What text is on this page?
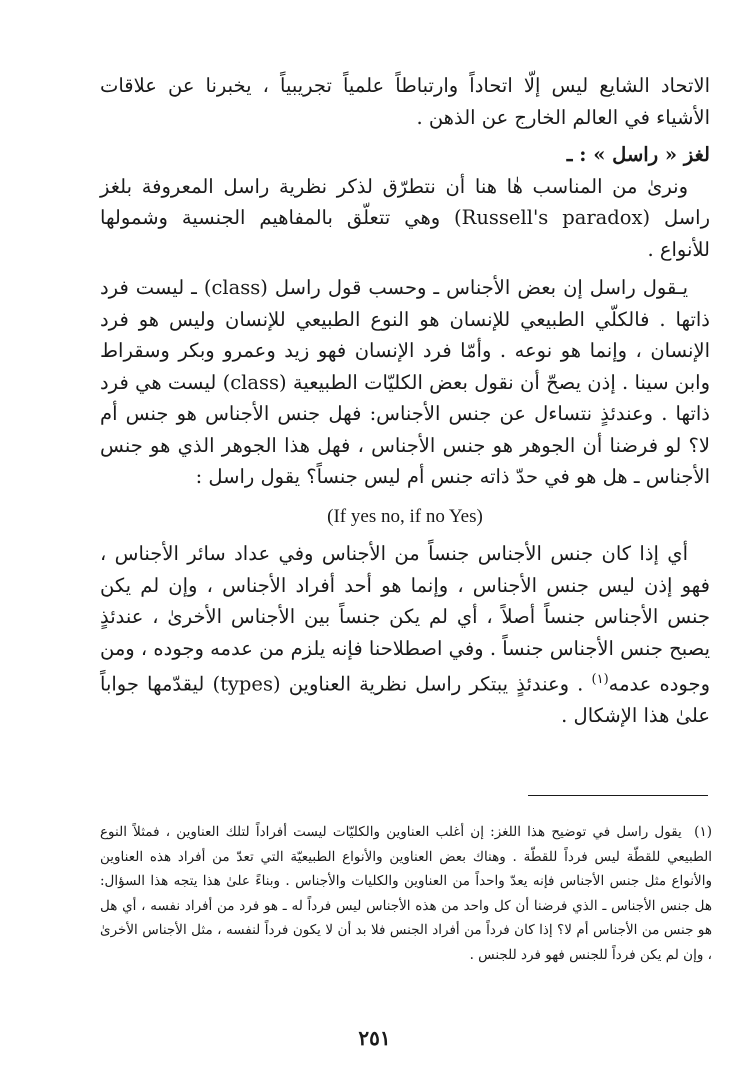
الاتحاد الشايع ليس إلّا اتحاداً وارتباطاً علمياً تجريبياً ، يخبرنا عن علاقات الأشياء في العالم الخارج عن الذهن .

لغز « راسل » : ـ

ونرىٰ من المناسب هٰا هنا أن نتطرّق لذكر نظرية راسل المعروفة بلغز راسل (Russell's paradox) وهي تتعلّق بالمفاهيم الجنسية وشمولها للأنواع .

يـقول راسل إن بعض الأجناس ـ وحسب قول راسل (class) ـ ليست فرد ذاتها . فالكلّي الطبيعي للإنسان هو النوع الطبيعي للإنسان وليس هو فرد الإنسان ، وإنما هو نوعه . وأمّا فرد الإنسان فهو زيد وعمرو وبكر وسقراط وابن سينا . إذن يصحّ أن نقول بعض الكليّات الطبيعية (class) ليست هي فرد ذاتها . وعندئذٍ نتساءل عن جنس الأجناس: فهل جنس الأجناس هو جنس أم لا؟ لو فرضنا أن الجوهر هو جنس الأجناس ، فهل هذا الجوهر الذي هو جنس الأجناس ـ هل هو في حدّ ذاته جنس أم ليس جنساً؟ يقول راسل :

(If yes no, if no Yes)

أي إذا كان جنس الأجناس جنساً من الأجناس وفي عداد سائر الأجناس ، فهو إذن ليس جنس الأجناس ، وإنما هو أحد أفراد الأجناس ، وإن لم يكن جنس الأجناس جنساً أصلاً ، أي لم يكن جنساً بين الأجناس الأخرىٰ ، عندئذٍ يصبح جنس الأجناس جنساً . وفي اصطلاحنا فإنه يلزم من عدمه وجوده ، ومن وجوده عدمه$^{(١)}$ . وعندئذٍ يبتكر راسل نظرية العناوين (types) ليقدّمها جواباً علىٰ هذا الإشكال .

(١)  يقول راسل في توضيح هذا اللغز: إن أغلب العناوين والكليّات ليست أفراداً لتلك العناوين ، فمثلاً النوع الطبيعي للقطّة ليس فرداً للقطّة . وهناك بعض العناوين والأنواع الطبيعيّة التي تعدّ من أفراد هذه العناوين والأنواع مثل جنس الأجناس فإنه يعدّ واحداً من العناوين والكليات والأجناس . وبناءً علىٰ هذا يتجه هذا السؤال: هل جنس الأجناس ـ الذي فرضنا أن كل واحد من هذه الأجناس ليس فرداً له ـ هو فرد من أفراد نفسه ، أي هل هو جنس من الأجناس أم لا؟ إذا كان فرداً من أفراد الجنس فلا بد أن لا يكون فرداً لنفسه ، مثل الأجناس الأخرىٰ ، وإن لم يكن فرداً للجنس فهو فرد للجنس .

٢٥١
